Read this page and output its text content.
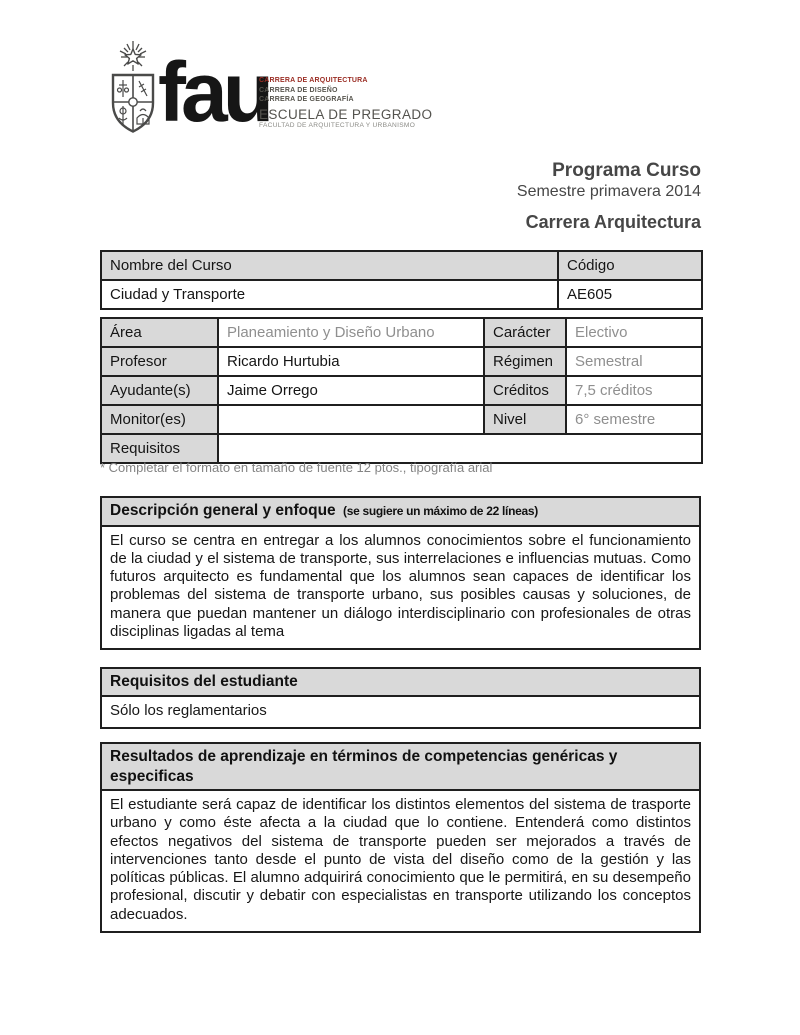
fau
CARRERA DE ARQUITECTURA
CARRERA DE DISEÑO
CARRERA DE GEOGRAFÍA
ESCUELA DE PREGRADO
FACULTAD DE ARQUITECTURA Y URBANISMO
Programa Curso
Semestre primavera 2014
Carrera Arquitectura
Nombre del Curso	Código
Ciudad y Transporte	AE605
Área	Planeamiento y Diseño Urbano	Carácter	Electivo
Profesor	Ricardo Hurtubia	Régimen	Semestral
Ayudante(s)	Jaime Orrego	Créditos	7,5 créditos
Monitor(es)		Nivel	6° semestre
Requisitos			
* Completar el formato en tamaño de fuente 12 ptos., tipografía arial
Descripción general y enfoque (se sugiere un máximo de 22 líneas)
El curso se centra en entregar a los alumnos conocimientos sobre el funcionamiento de la ciudad y el sistema de transporte, sus interrelaciones e influencias mutuas. Como futuros arquitecto es fundamental que los alumnos sean capaces de identificar los problemas del sistema de transporte urbano, sus posibles causas y soluciones, de manera que puedan mantener un diálogo interdisciplinario con profesionales de otras disciplinas ligadas al tema
Requisitos del estudiante
Sólo los reglamentarios
Resultados de aprendizaje en términos de competencias genéricas y especificas
El estudiante será capaz de identificar los distintos elementos del sistema de trasporte urbano y como éste afecta a la ciudad que lo contiene. Entenderá como distintos efectos negativos del sistema de transporte pueden ser mejorados a través de intervenciones tanto desde el punto de vista del diseño como de la gestión y las políticas públicas. El alumno adquirirá conocimiento que le permitirá, en su desempeño profesional, discutir y debatir con especialistas en transporte utilizando los conceptos adecuados.
